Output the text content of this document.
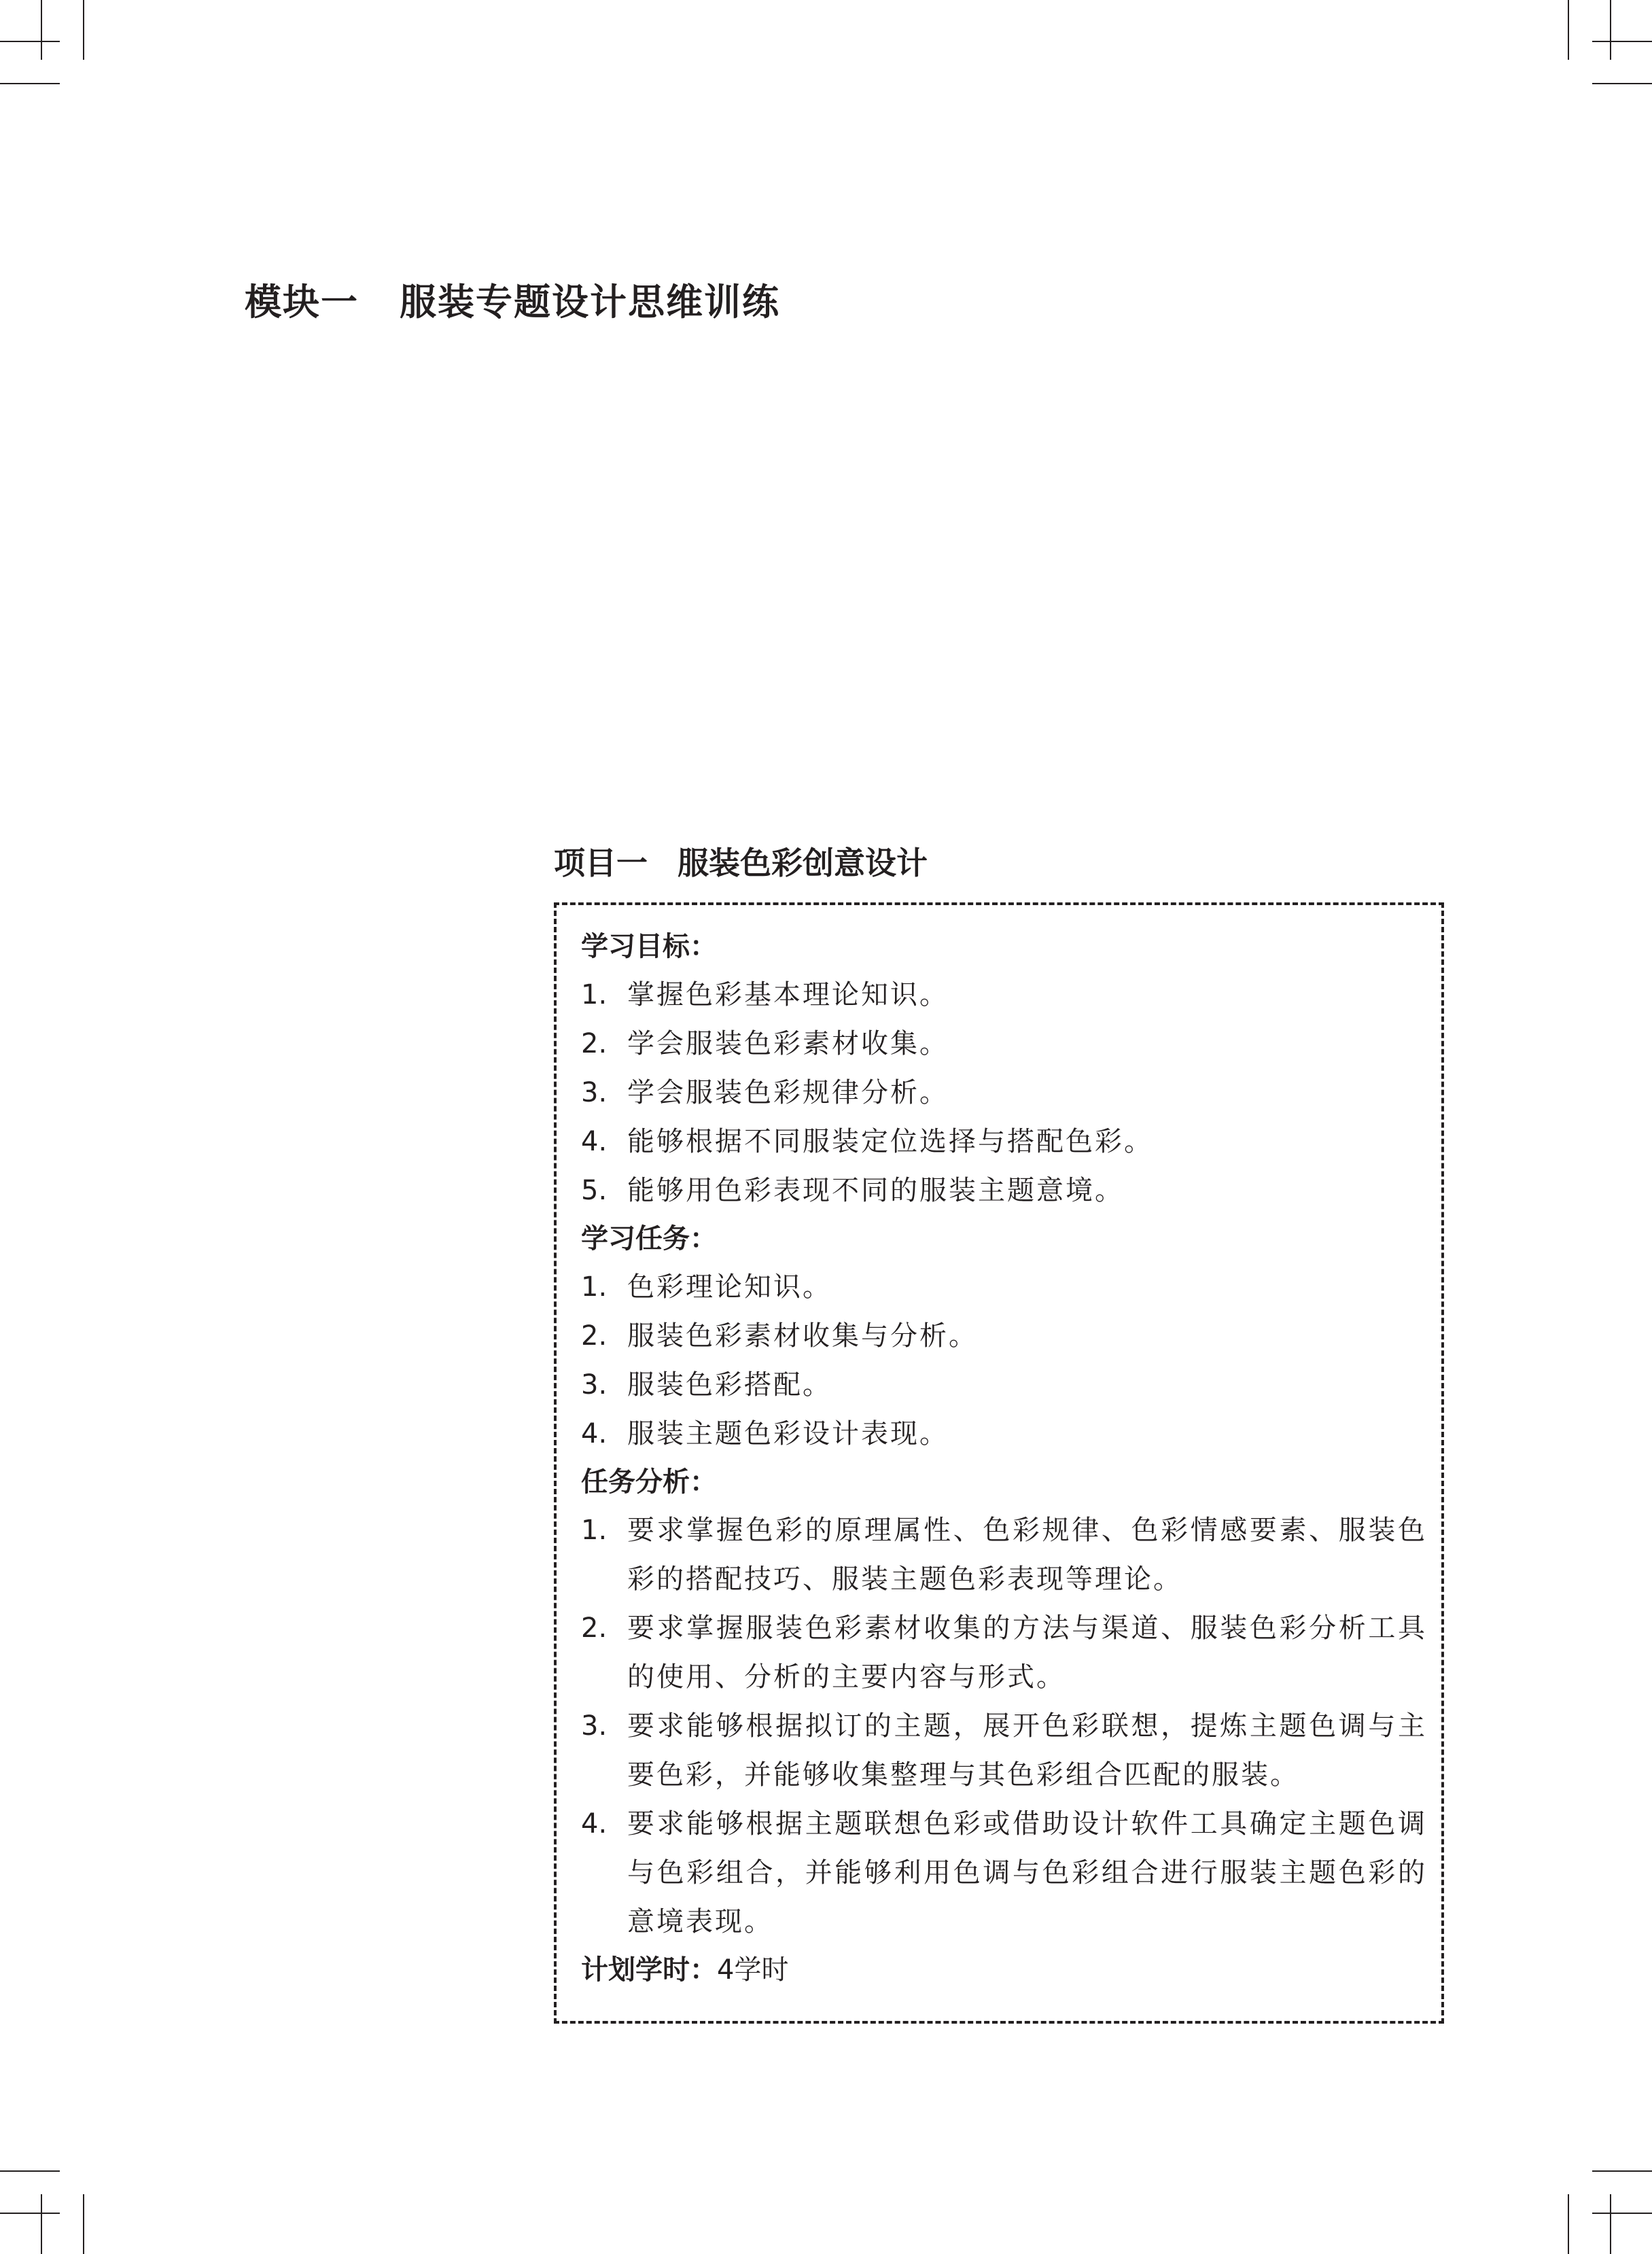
模块一 服装专题设计思维训练
项目一 服装色彩创意设计
学习目标：
1. 掌握色彩基本理论知识。
2. 学会服装色彩素材收集。
3. 学会服装色彩规律分析。
4. 能够根据不同服装定位选择与搭配色彩。
5. 能够用色彩表现不同的服装主题意境。
学习任务：
1. 色彩理论知识。
2. 服装色彩素材收集与分析。
3. 服装色彩搭配。
4. 服装主题色彩设计表现。
任务分析：
1. 要求掌握色彩的原理属性、色彩规律、色彩情感要素、服装色彩的搭配技巧、服装主题色彩表现等理论。
2. 要求掌握服装色彩素材收集的方法与渠道、服装色彩分析工具的使用、分析的主要内容与形式。
3. 要求能够根据拟订的主题，展开色彩联想，提炼主题色调与主要色彩，并能够收集整理与其色彩组合匹配的服装。
4. 要求能够根据主题联想色彩或借助设计软件工具确定主题色调与色彩组合，并能够利用色调与色彩组合进行服装主题色彩的意境表现。
计划学时：4学时
